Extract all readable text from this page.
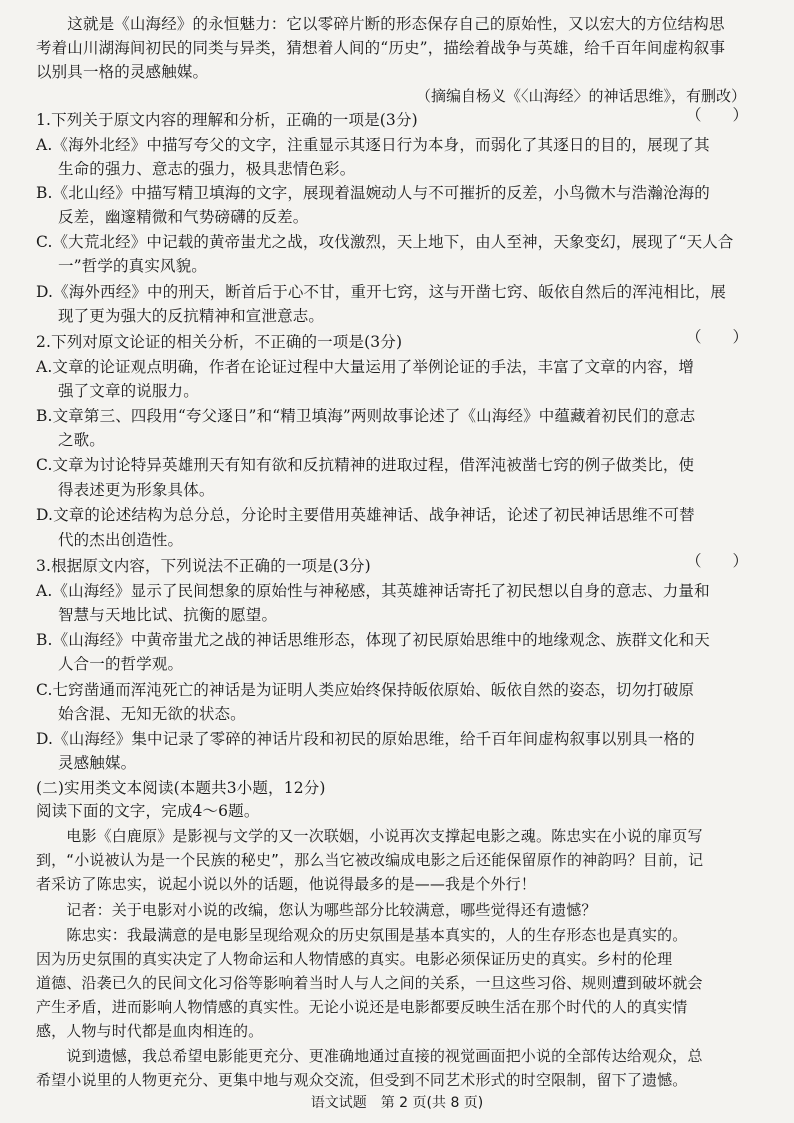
　　这就是《山海经》的永恒魅力：它以零碎片断的形态保存自己的原始性，又以宏大的方位结构思
考着山川湖海间初民的同类与异类，猜想着人间的“历史”，描绘着战争与英雄，给千百年间虚构叙事
以别具一格的灵感触媒。
（摘编自杨义《〈山海经〉的神话思维》，有删改）
1.下列关于原文内容的理解和分析，正确的一项是(3分)	（　　）
A.《海外北经》中描写夸父的文字，注重显示其逐日行为本身，而弱化了其逐日的目的，展现了其
生命的强力、意志的强力，极具悲情色彩。
B.《北山经》中描写精卫填海的文字，展现着温婉动人与不可摧折的反差，小鸟微木与浩瀚沧海的
反差，幽邃精微和气势磅礴的反差。
C.《大荒北经》中记载的黄帝蚩尤之战，攻伐激烈，天上地下，由人至神，天象变幻，展现了“天人合
一”哲学的真实风貌。
D.《海外西经》中的刑天，断首后于心不甘，重开七窍，这与开凿七窍、皈依自然后的浑沌相比，展
现了更为强大的反抗精神和宣泄意志。
2.下列对原文论证的相关分析，不正确的一项是(3分)	（　　）
A.文章的论证观点明确，作者在论证过程中大量运用了举例论证的手法，丰富了文章的内容，增
强了文章的说服力。
B.文章第三、四段用“夸父逐日”和“精卫填海”两则故事论述了《山海经》中蕴藏着初民们的意志
之歌。
C.文章为讨论特异英雄刑天有知有欲和反抗精神的进取过程，借浑沌被凿七窍的例子做类比，使
得表述更为形象具体。
D.文章的论述结构为总分总，分论时主要借用英雄神话、战争神话，论述了初民神话思维不可替
代的杰出创造性。
3.根据原文内容，下列说法不正确的一项是(3分)	（　　）
A.《山海经》显示了民间想象的原始性与神秘感，其英雄神话寄托了初民想以自身的意志、力量和
智慧与天地比试、抗衡的愿望。
B.《山海经》中黄帝蚩尤之战的神话思维形态，体现了初民原始思维中的地缘观念、族群文化和天
人合一的哲学观。
C.七窍凿通而浑沌死亡的神话是为证明人类应始终保持皈依原始、皈依自然的姿态，切勿打破原
始含混、无知无欲的状态。
D.《山海经》集中记录了零碎的神话片段和初民的原始思维，给千百年间虚构叙事以别具一格的
灵感触媒。
(二)实用类文本阅读(本题共3小题，12分)
阅读下面的文字，完成4～6题。
　　电影《白鹿原》是影视与文学的又一次联姻，小说再次支撑起电影之魂。陈忠实在小说的扉页写
到，“小说被认为是一个民族的秘史”，那么当它被改编成电影之后还能保留原作的神韵吗？目前，记
者采访了陈忠实，说起小说以外的话题，他说得最多的是——我是个外行！
　　记者：关于电影对小说的改编，您认为哪些部分比较满意，哪些觉得还有遗憾？
　　陈忠实：我最满意的是电影呈现给观众的历史氛围是基本真实的，人的生存形态也是真实的。
因为历史氛围的真实决定了人物命运和人物情感的真实。电影必须保证历史的真实。乡村的伦理
道德、沿袭已久的民间文化习俗等影响着当时人与人之间的关系，一旦这些习俗、规则遭到破坏就会
产生矛盾，进而影响人物情感的真实性。无论小说还是电影都要反映生活在那个时代的人的真实情
感，人物与时代都是血肉相连的。
　　说到遗憾，我总希望电影能更充分、更准确地通过直接的视觉画面把小说的全部传达给观众，总
希望小说里的人物更充分、更集中地与观众交流，但受到不同艺术形式的时空限制，留下了遗憾。
语文试题　第 2 页(共 8 页)
